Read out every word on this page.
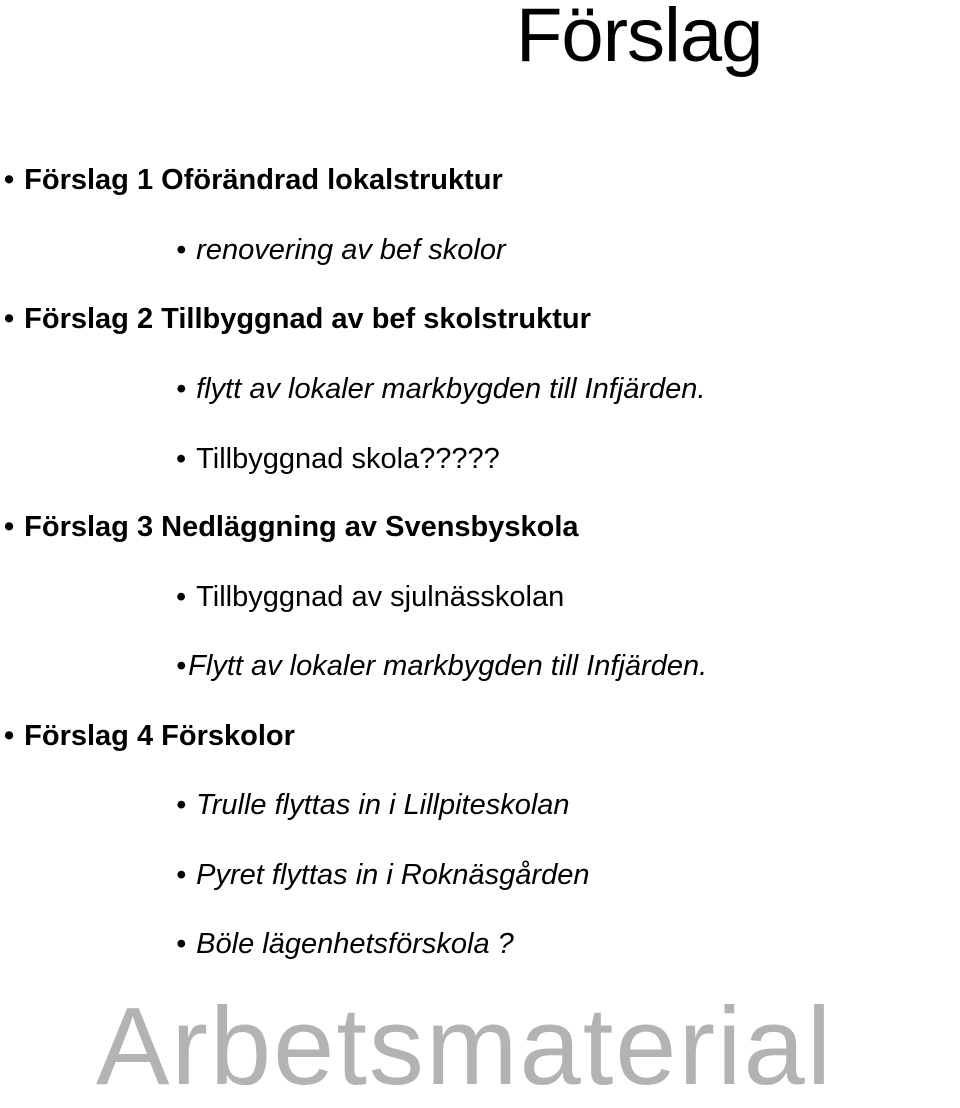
Förslag
• Förslag 1 Oförändrad lokalstruktur
• renovering av bef skolor
• Förslag 2 Tillbyggnad av bef skolstruktur
• flytt av lokaler markbygden till Infjärden.
• Tillbyggnad skola?????
• Förslag 3 Nedläggning av Svensbyskola
• Tillbyggnad av sjulnässkolan
•Flytt av lokaler markbygden till Infjärden.
• Förslag 4 Förskolor
• Trulle flyttas in i Lillpiteskolan
• Pyret flyttas in i Roknäsgården
• Böle lägenhetsförskola ?
Arbetsmaterial
